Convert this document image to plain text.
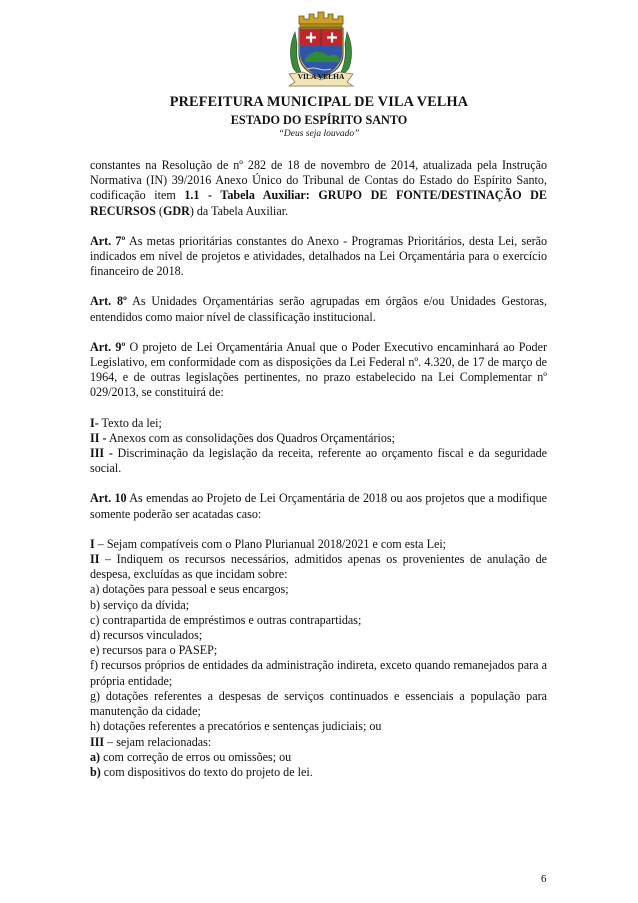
VILA VELHA
PREFEITURA MUNICIPAL DE VILA VELHA
ESTADO DO ESPÍRITO SANTO
“Deus seja louvado”

constantes na Resolução de nº 282 de 18 de novembro de 2014, atualizada pela Instrução Normativa (IN) 39/2016 Anexo Único do Tribunal de Contas do Estado do Espírito Santo, codificação item 1.1 - Tabela Auxiliar: GRUPO DE FONTE/DESTINAÇÃO DE RECURSOS (GDR) da Tabela Auxiliar.

Art. 7º As metas prioritárias constantes do Anexo - Programas Prioritários, desta Lei, serão indicados em nível de projetos e atividades, detalhados na Lei Orçamentária para o exercício financeiro de 2018.

Art. 8º As Unidades Orçamentárias serão agrupadas em órgãos e/ou Unidades Gestoras, entendidos como maior nível de classificação institucional.

Art. 9º O projeto de Lei Orçamentária Anual que o Poder Executivo encaminhará ao Poder Legislativo, em conformidade com as disposições da Lei Federal nº. 4.320, de 17 de março de 1964, e de outras legislações pertinentes, no prazo estabelecido na Lei Complementar nº 029/2013, se constituirá de:

I- Texto da lei;

II - Anexos com as consolidações dos Quadros Orçamentários;

III - Discriminação da legislação da receita, referente ao orçamento fiscal e da seguridade social.

Art. 10 As emendas ao Projeto de Lei Orçamentária de 2018 ou aos projetos que a modifique somente poderão ser acatadas caso:

I – Sejam compatíveis com o Plano Plurianual 2018/2021 e com esta Lei;

II – Indiquem os recursos necessários, admitidos apenas os provenientes de anulação de despesa, excluídas as que incidam sobre:

a) dotações para pessoal e seus encargos;

b) serviço da dívida;

c) contrapartida de empréstimos e outras contrapartidas;

d) recursos vinculados;

e) recursos para o PASEP;

f) recursos próprios de entidades da administração indireta, exceto quando remanejados para a própria entidade;

g) dotações referentes a despesas de serviços continuados e essenciais a população para manutenção da cidade;

h) dotações referentes a precatórios e sentenças judiciais; ou

III – sejam relacionadas:

a) com correção de erros ou omissões; ou

b) com dispositivos do texto do projeto de lei.

6
